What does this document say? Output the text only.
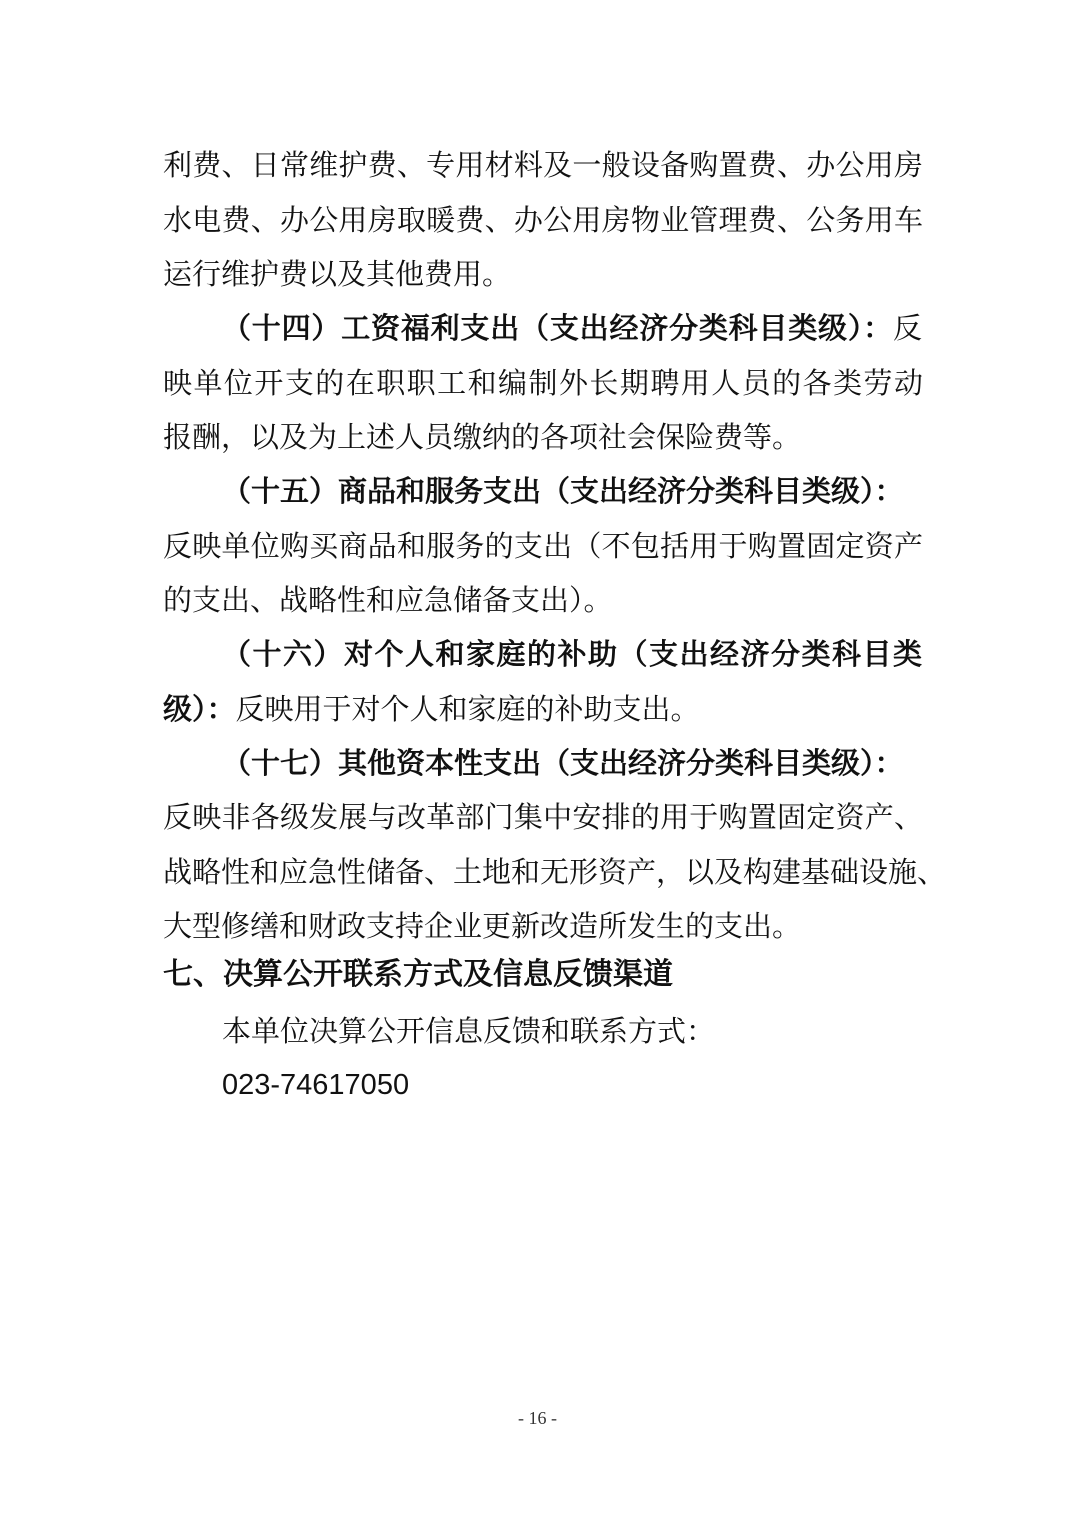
利费、日常维护费、专用材料及一般设备购置费、办公用房
水电费、办公用房取暖费、办公用房物业管理费、公务用车
运行维护费以及其他费用。
（十四）工资福利支出（支出经济分类科目类级）：反
映单位开支的在职职工和编制外长期聘用人员的各类劳动
报酬，以及为上述人员缴纳的各项社会保险费等。
（十五）商品和服务支出（支出经济分类科目类级）：
反映单位购买商品和服务的支出（不包括用于购置固定资产
的支出、战略性和应急储备支出）。
（十六）对个人和家庭的补助（支出经济分类科目类
级）：反映用于对个人和家庭的补助支出。
（十七）其他资本性支出（支出经济分类科目类级）：
反映非各级发展与改革部门集中安排的用于购置固定资产、
战略性和应急性储备、土地和无形资产，以及构建基础设施、
大型修缮和财政支持企业更新改造所发生的支出。
七、决算公开联系方式及信息反馈渠道
本单位决算公开信息反馈和联系方式：
023-74617050
- 16 -
